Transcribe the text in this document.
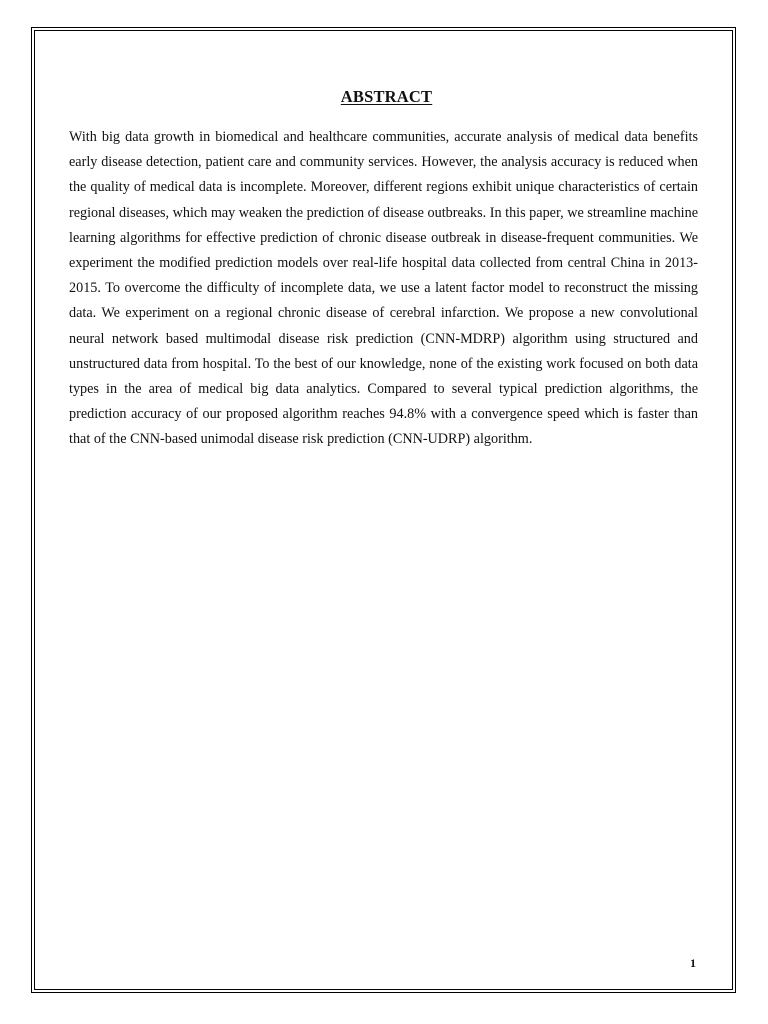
ABSTRACT

With big data growth in biomedical and healthcare communities, accurate analysis of medical data benefits early disease detection, patient care and community services. However, the analysis accuracy is reduced when the quality of medical data is incomplete. Moreover, different regions exhibit unique characteristics of certain regional diseases, which may weaken the prediction of disease outbreaks. In this paper, we streamline machine learning algorithms for effective prediction of chronic disease outbreak in disease-frequent communities. We experiment the modified prediction models over real-life hospital data collected from central China in 2013-2015. To overcome the difficulty of incomplete data, we use a latent factor model to reconstruct the missing data. We experiment on a regional chronic disease of cerebral infarction. We propose a new convolutional neural network based multimodal disease risk prediction (CNN-MDRP) algorithm using structured and unstructured data from hospital. To the best of our knowledge, none of the existing work focused on both data types in the area of medical big data analytics. Compared to several typical prediction algorithms, the prediction accuracy of our proposed algorithm reaches 94.8% with a convergence speed which is faster than that of the CNN-based unimodal disease risk prediction (CNN-UDRP) algorithm.

1
